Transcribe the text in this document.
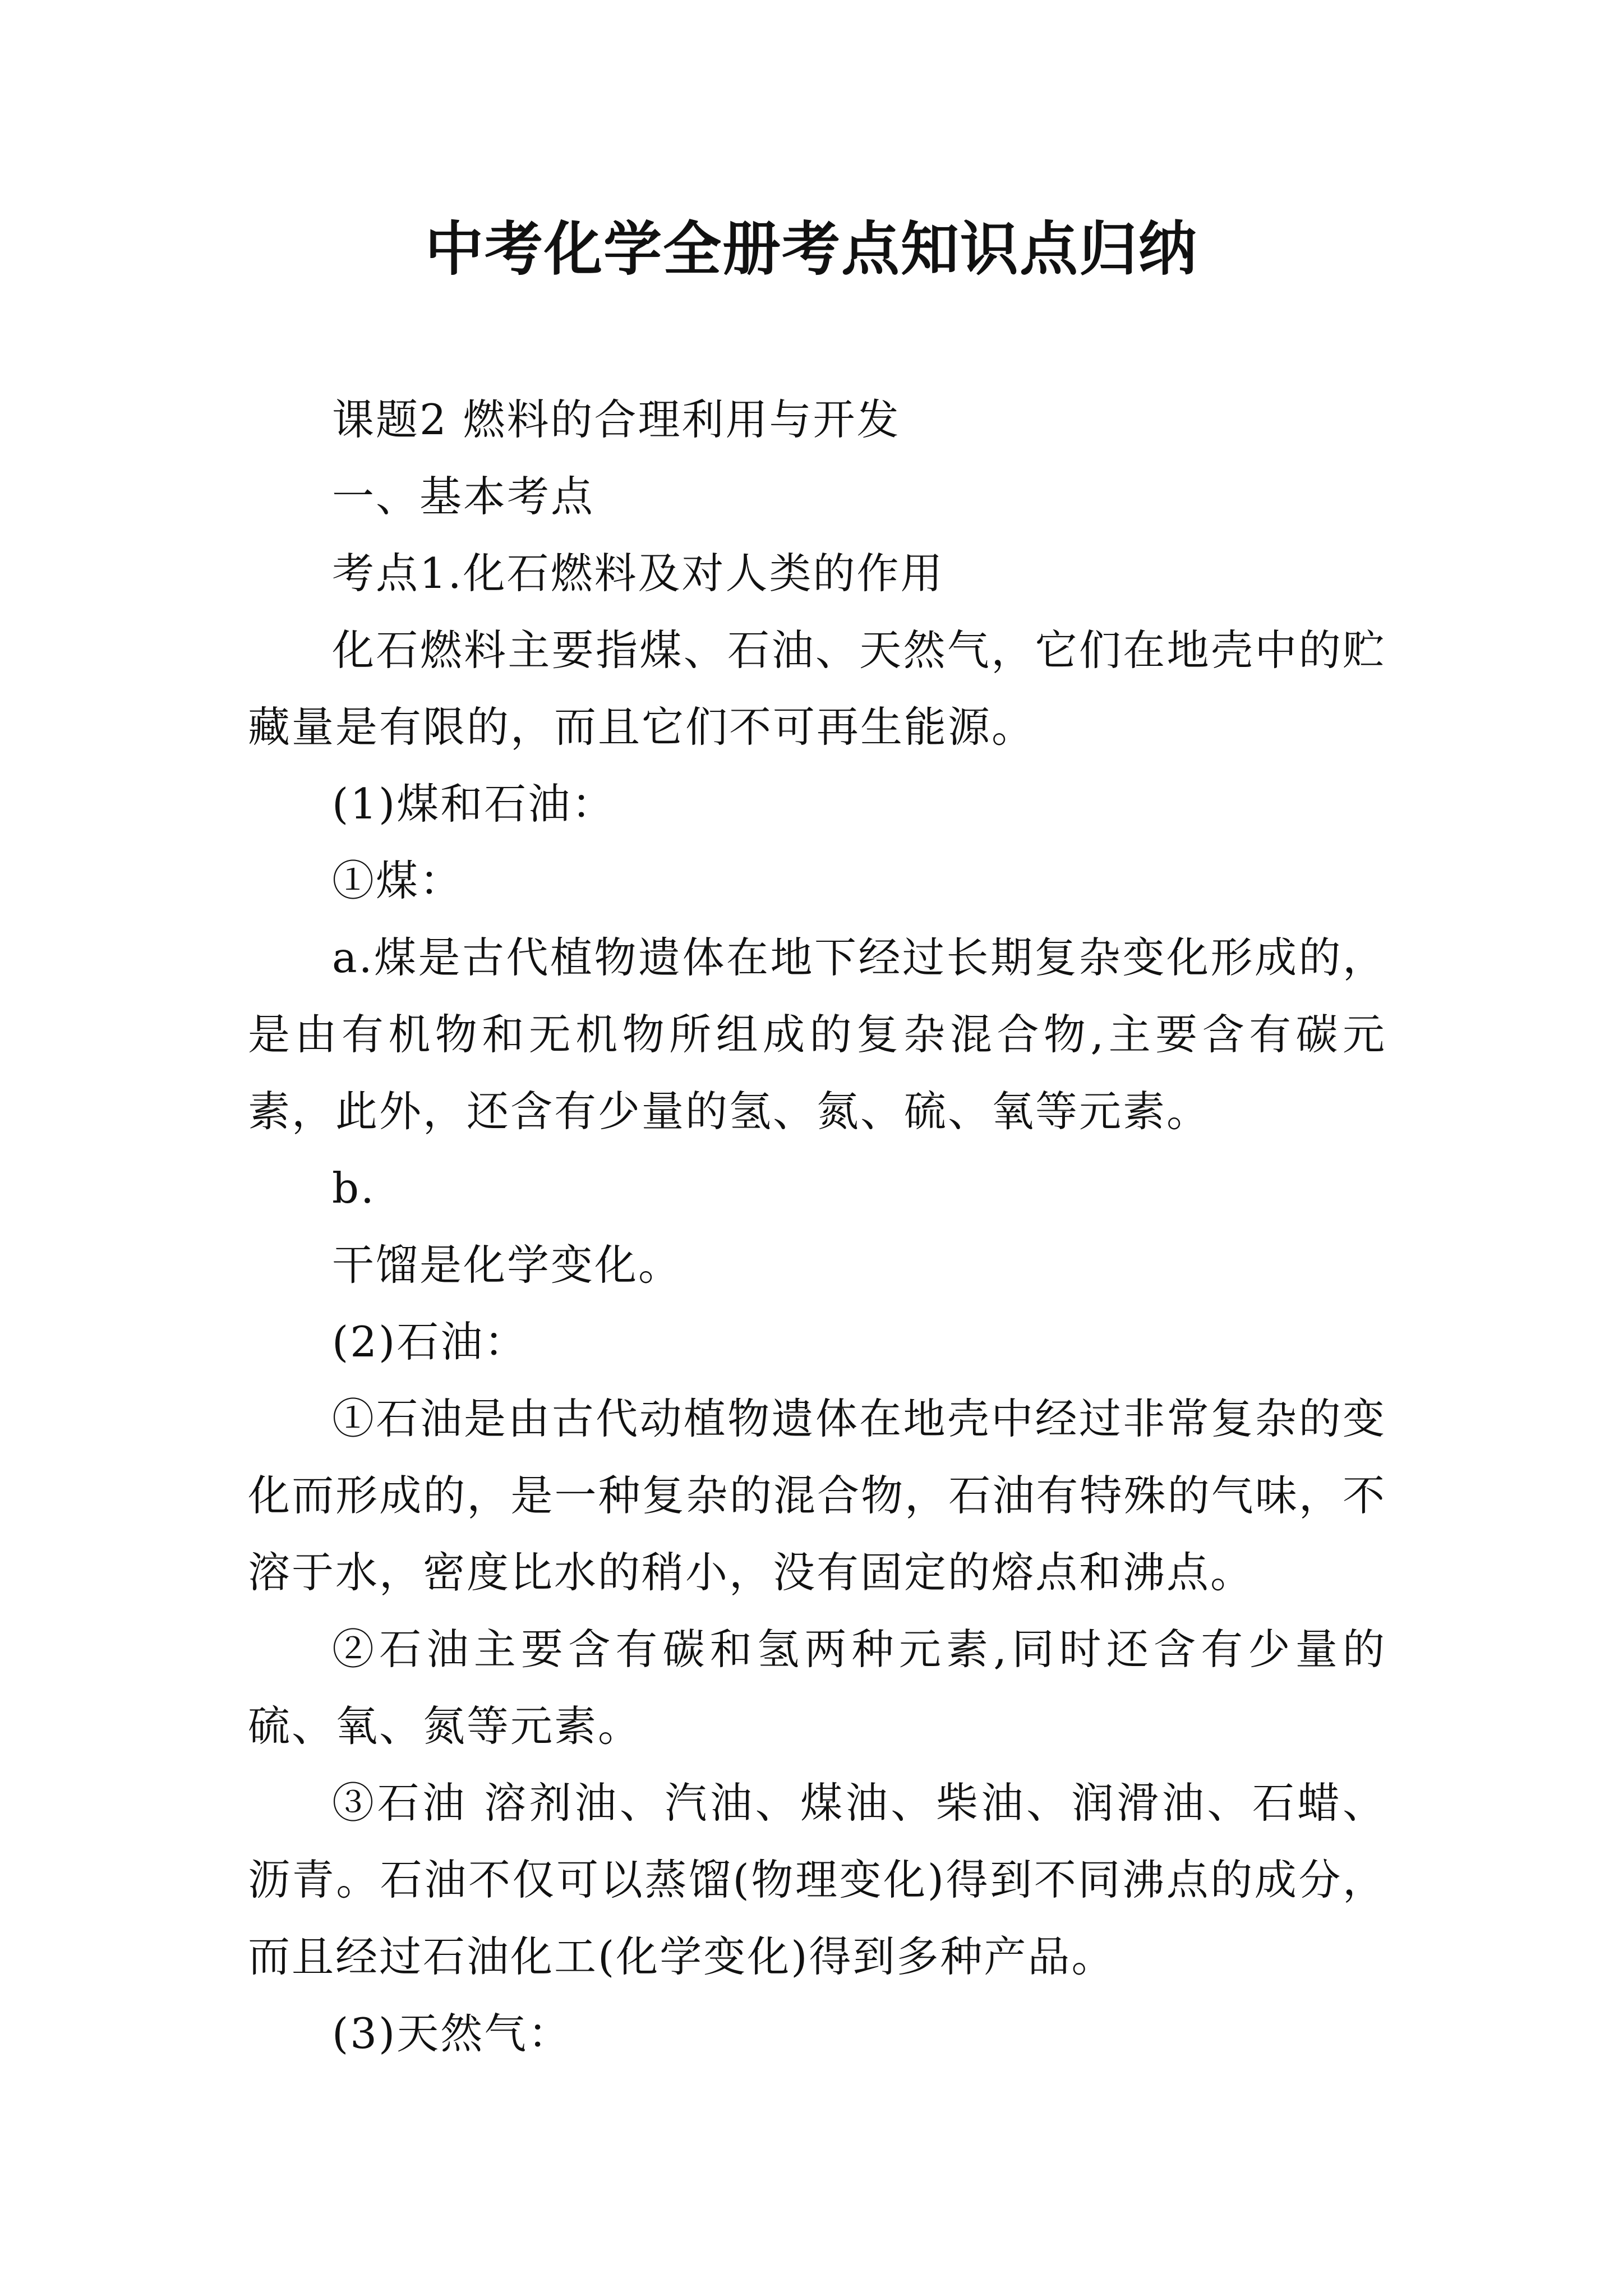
中考化学全册考点知识点归纳

课题2 燃料的合理利用与开发

一、基本考点

考点1.化石燃料及对人类的作用

化石燃料主要指煤、石油、天然气，它们在地壳中的贮藏量是有限的，而且它们不可再生能源。

(1)煤和石油：

①煤：

a.煤是古代植物遗体在地下经过长期复杂变化形成的，是由有机物和无机物所组成的复杂混合物,主要含有碳元素，此外，还含有少量的氢、氮、硫、氧等元素。

b.

干馏是化学变化。

(2)石油：

①石油是由古代动植物遗体在地壳中经过非常复杂的变化而形成的，是一种复杂的混合物，石油有特殊的气味，不溶于水，密度比水的稍小，没有固定的熔点和沸点。

②石油主要含有碳和氢两种元素,同时还含有少量的硫、氧、氮等元素。

③石油 溶剂油、汽油、煤油、柴油、润滑油、石蜡、沥青。石油不仅可以蒸馏(物理变化)得到不同沸点的成分，而且经过石油化工(化学变化)得到多种产品。

(3)天然气：
